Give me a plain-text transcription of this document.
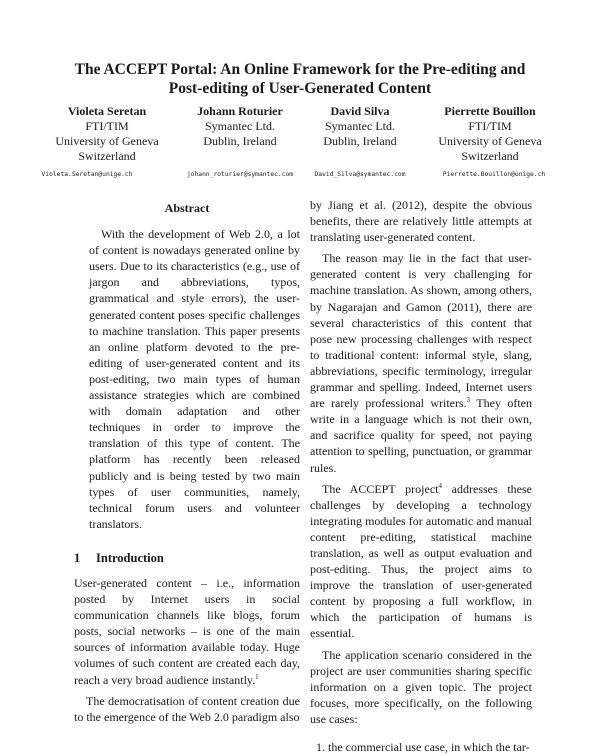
The ACCEPT Portal: An Online Framework for the Pre-editing and
Post-editing of User-Generated Content
Violeta Seretan
FTI/TIM
University of Geneva
Switzerland
Violeta.Seretan@unige.ch
Johann Roturier
Symantec Ltd.
Dublin, Ireland
johann_roturier@symantec.com
David Silva
Symantec Ltd.
Dublin, Ireland
David_Silva@symantec.com
Pierrette Bouillon
FTI/TIM
University of Geneva
Switzerland
Pierrette.Bouillon@unige.ch

Abstract

With the development of Web 2.0, a lot of content is nowadays generated online by users. Due to its characteristics (e.g., use of jargon and abbreviations, typos, grammatical and style errors), the user-generated content poses specific challenges to machine translation. This paper presents an online platform devoted to the pre-editing of user-generated content and its post-editing, two main types of human assistance strategies which are combined with domain adaptation and other techniques in order to improve the translation of this type of content. The platform has recently been released publicly and is being tested by two main types of user communities, namely, technical forum users and volunteer translators.

1 Introduction

User-generated content – i.e., information posted by Internet users in social communication channels like blogs, forum posts, social networks – is one of the main sources of information available today. Huge volumes of such content are created each day, reach a very broad audience instantly.$^1$

The democratisation of content creation due to the emergence of the Web 2.0 paradigm also

by Jiang et al. (2012), despite the obvious benefits, there are relatively little attempts at translating user-generated content.

The reason may lie in the fact that user-generated content is very challenging for machine translation. As shown, among others, by Nagarajan and Gamon (2011), there are several characteristics of this content that pose new processing challenges with respect to traditional content: informal style, slang, abbreviations, specific terminology, irregular grammar and spelling. Indeed, Internet users are rarely professional writers.$^3$ They often write in a language which is not their own, and sacrifice quality for speed, not paying attention to spelling, punctuation, or grammar rules.

The ACCEPT project$^4$ addresses these challenges by developing a technology integrating modules for automatic and manual content pre-editing, statistical machine translation, as well as output evaluation and post-editing. Thus, the project aims to improve the translation of user-generated content by proposing a full workflow, in which the participation of humans is essential.

The application scenario considered in the project are user communities sharing specific information on a given topic. The project focuses, more specifically, on the following use cases:

1. the commercial use case, in which the tar-
